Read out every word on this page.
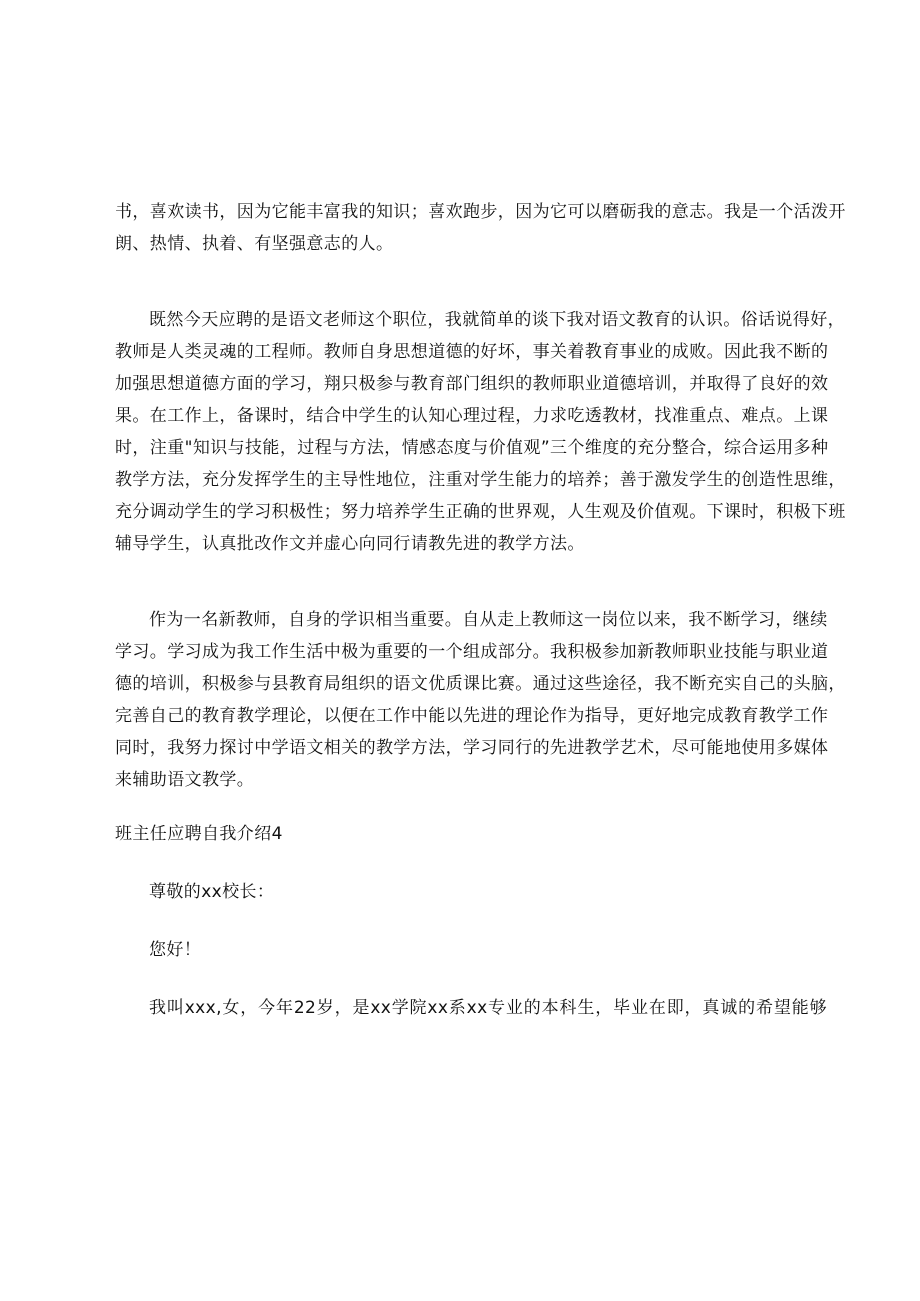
书，喜欢读书，因为它能丰富我的知识；喜欢跑步，因为它可以磨砺我的意志。我是一个活泼开
朗、热情、执着、有坚强意志的人。
既然今天应聘的是语文老师这个职位，我就简单的谈下我对语文教育的认识。俗话说得好，
教师是人类灵魂的工程师。教师自身思想道德的好坏，事关着教育事业的成败。因此我不断的
加强思想道德方面的学习，翔只极参与教育部门组织的教师职业道德培训，并取得了良好的效
果。在工作上，备课时，结合中学生的认知心理过程，力求吃透教材，找准重点、难点。上课
时，注重"知识与技能，过程与方法，情感态度与价值观”三个维度的充分整合，综合运用多种
教学方法，充分发挥学生的主导性地位，注重对学生能力的培养；善于激发学生的创造性思维，
充分调动学生的学习积极性；努力培养学生正确的世界观，人生观及价值观。下课时，积极下班
辅导学生，认真批改作文并虚心向同行请教先进的教学方法。
作为一名新教师，自身的学识相当重要。自从走上教师这一岗位以来，我不断学习，继续
学习。学习成为我工作生活中极为重要的一个组成部分。我积极参加新教师职业技能与职业道
德的培训，积极参与县教育局组织的语文优质课比赛。通过这些途径，我不断充实自己的头脑，
完善自己的教育教学理论，以便在工作中能以先进的理论作为指导，更好地完成教育教学工作
同时，我努力探讨中学语文相关的教学方法，学习同行的先进教学艺术，尽可能地使用多媒体
来辅助语文教学。
班主任应聘自我介绍4
尊敬的xx校长：
您好！
我叫xxx,女，今年22岁，是xx学院xx系xx专业的本科生，毕业在即，真诚的希望能够
